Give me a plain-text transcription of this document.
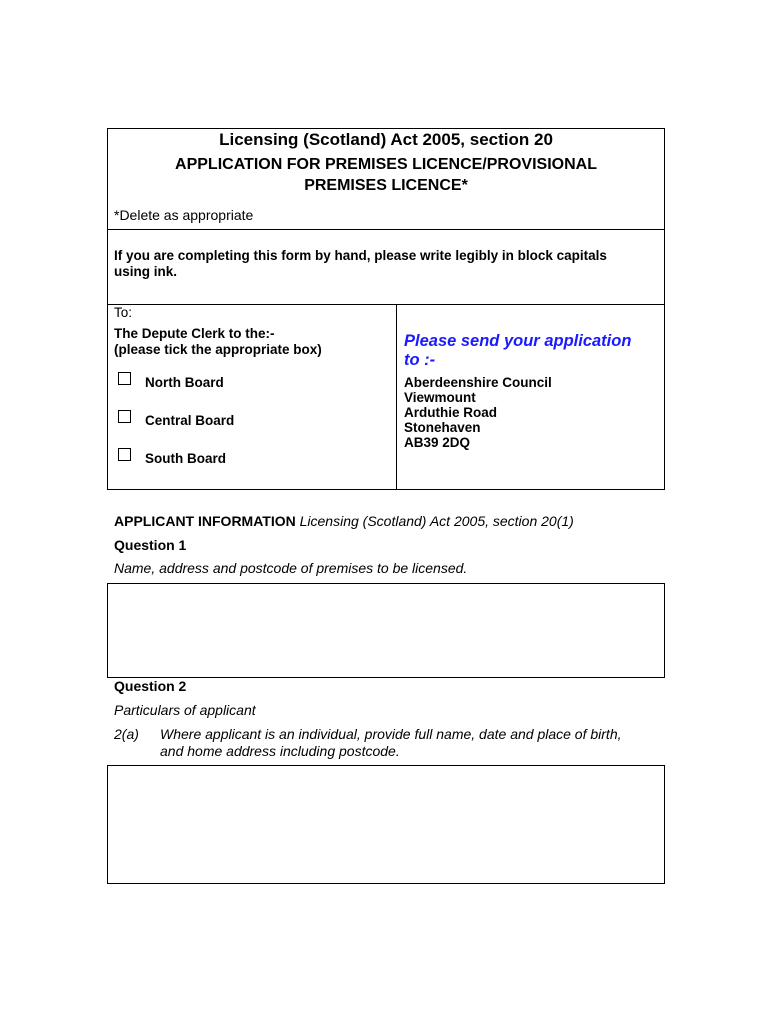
Licensing (Scotland) Act 2005, section 20
APPLICATION FOR PREMISES LICENCE/PROVISIONAL
PREMISES LICENCE*
*Delete as appropriate
If you are completing this form by hand, please write legibly in block capitals
using ink.
To:
The Depute Clerk to the:-
(please tick the appropriate box)
North Board
Central Board
South Board
Please send your application
to :-
Aberdeenshire Council
Viewmount
Arduthie Road
Stonehaven
AB39 2DQ
APPLICANT INFORMATION Licensing (Scotland) Act 2005, section 20(1)
Question 1
Name, address and postcode of premises to be licensed.
Question 2
Particulars of applicant
2(a) Where applicant is an individual, provide full name, date and place of birth,
and home address including postcode.
